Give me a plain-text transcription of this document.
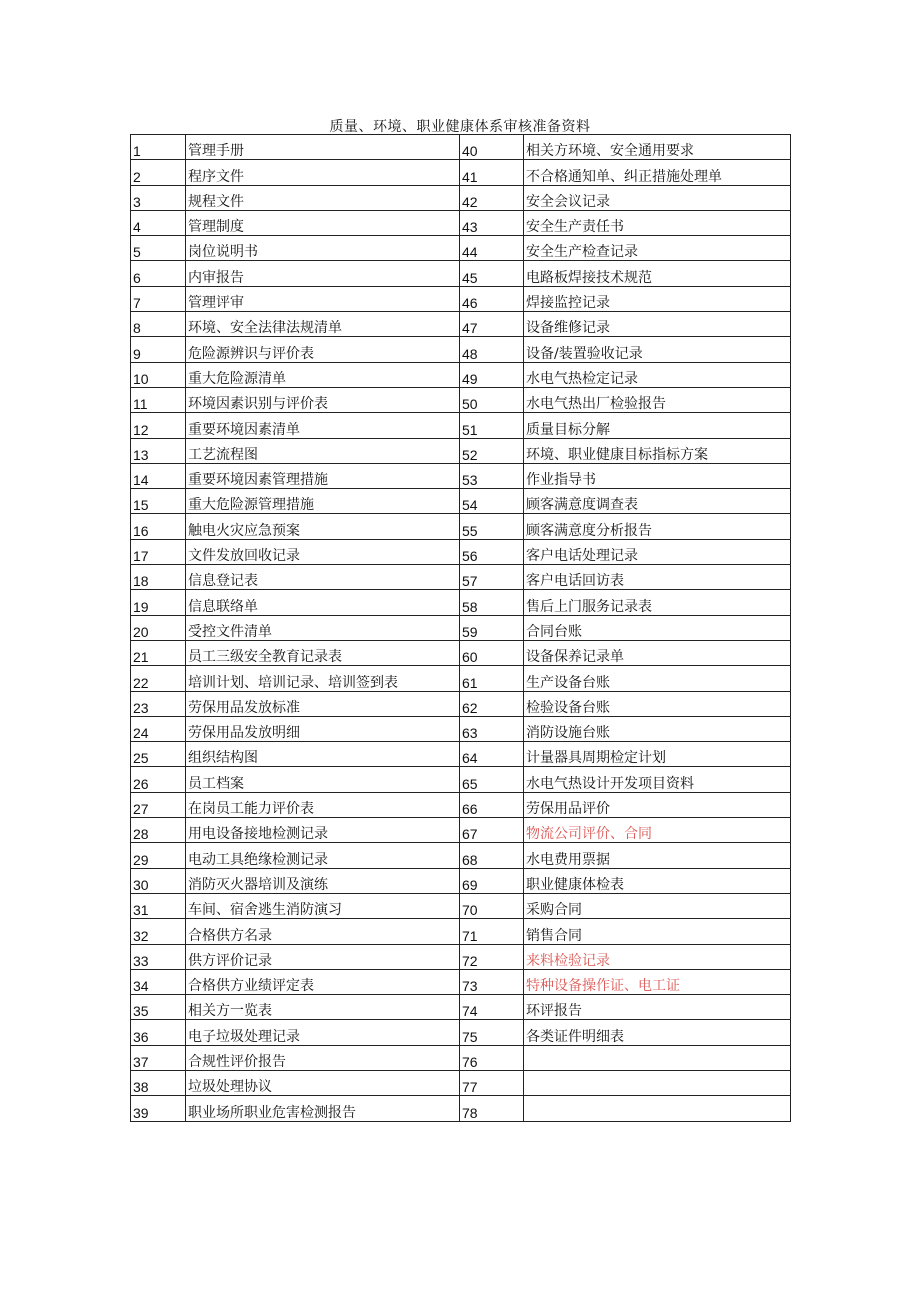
质量、环境、职业健康体系审核准备资料
1	管理手册	40	相关方环境、安全通用要求
2	程序文件	41	不合格通知单、纠正措施处理单
3	规程文件	42	安全会议记录
4	管理制度	43	安全生产责任书
5	岗位说明书	44	安全生产检查记录
6	内审报告	45	电路板焊接技术规范
7	管理评审	46	焊接监控记录
8	环境、安全法律法规清单	47	设备维修记录
9	危险源辨识与评价表	48	设备/装置验收记录
10	重大危险源清单	49	水电气热检定记录
11	环境因素识别与评价表	50	水电气热出厂检验报告
12	重要环境因素清单	51	质量目标分解
13	工艺流程图	52	环境、职业健康目标指标方案
14	重要环境因素管理措施	53	作业指导书
15	重大危险源管理措施	54	顾客满意度调查表
16	触电火灾应急预案	55	顾客满意度分析报告
17	文件发放回收记录	56	客户电话处理记录
18	信息登记表	57	客户电话回访表
19	信息联络单	58	售后上门服务记录表
20	受控文件清单	59	合同台账
21	员工三级安全教育记录表	60	设备保养记录单
22	培训计划、培训记录、培训签到表	61	生产设备台账
23	劳保用品发放标准	62	检验设备台账
24	劳保用品发放明细	63	消防设施台账
25	组织结构图	64	计量器具周期检定计划
26	员工档案	65	水电气热设计开发项目资料
27	在岗员工能力评价表	66	劳保用品评价
28	用电设备接地检测记录	67	物流公司评价、合同
29	电动工具绝缘检测记录	68	水电费用票据
30	消防灭火器培训及演练	69	职业健康体检表
31	车间、宿舍逃生消防演习	70	采购合同
32	合格供方名录	71	销售合同
33	供方评价记录	72	来料检验记录
34	合格供方业绩评定表	73	特种设备操作证、电工证
35	相关方一览表	74	环评报告
36	电子垃圾处理记录	75	各类证件明细表
37	合规性评价报告	76	
38	垃圾处理协议	77	
39	职业场所职业危害检测报告	78	
